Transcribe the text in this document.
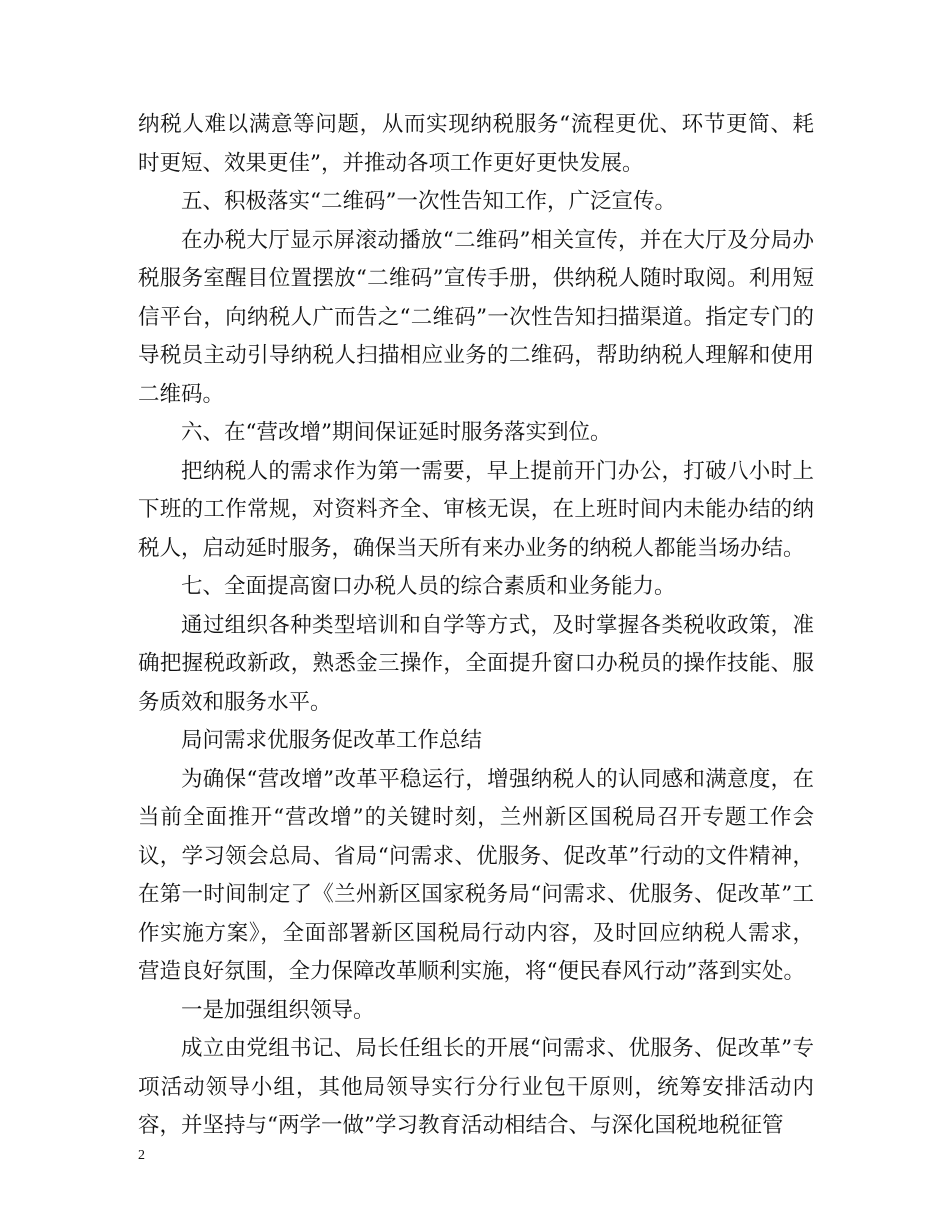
纳税人难以满意等问题，从而实现纳税服务“流程更优、环节更简、耗时更短、效果更佳”，并推动各项工作更好更快发展。

五、积极落实“二维码”一次性告知工作，广泛宣传。

在办税大厅显示屏滚动播放“二维码”相关宣传，并在大厅及分局办税服务室醒目位置摆放“二维码”宣传手册，供纳税人随时取阅。利用短信平台，向纳税人广而告之“二维码”一次性告知扫描渠道。指定专门的导税员主动引导纳税人扫描相应业务的二维码，帮助纳税人理解和使用二维码。

六、在“营改增”期间保证延时服务落实到位。

把纳税人的需求作为第一需要，早上提前开门办公，打破八小时上下班的工作常规，对资料齐全、审核无误，在上班时间内未能办结的纳税人，启动延时服务，确保当天所有来办业务的纳税人都能当场办结。

七、全面提高窗口办税人员的综合素质和业务能力。

通过组织各种类型培训和自学等方式，及时掌握各类税收政策，准确把握税政新政，熟悉金三操作，全面提升窗口办税员的操作技能、服务质效和服务水平。

局问需求优服务促改革工作总结

为确保“营改增”改革平稳运行，增强纳税人的认同感和满意度，在当前全面推开“营改增”的关键时刻，兰州新区国税局召开专题工作会议，学习领会总局、省局“问需求、优服务、促改革”行动的文件精神，在第一时间制定了《兰州新区国家税务局“问需求、优服务、促改革”工作实施方案》，全面部署新区国税局行动内容，及时回应纳税人需求，营造良好氛围，全力保障改革顺利实施，将“便民春风行动”落到实处。

一是加强组织领导。

成立由党组书记、局长任组长的开展“问需求、优服务、促改革”专项活动领导小组，其他局领导实行分行业包干原则，统筹安排活动内容，并坚持与“两学一做”学习教育活动相结合、与深化国税地税征管

2
